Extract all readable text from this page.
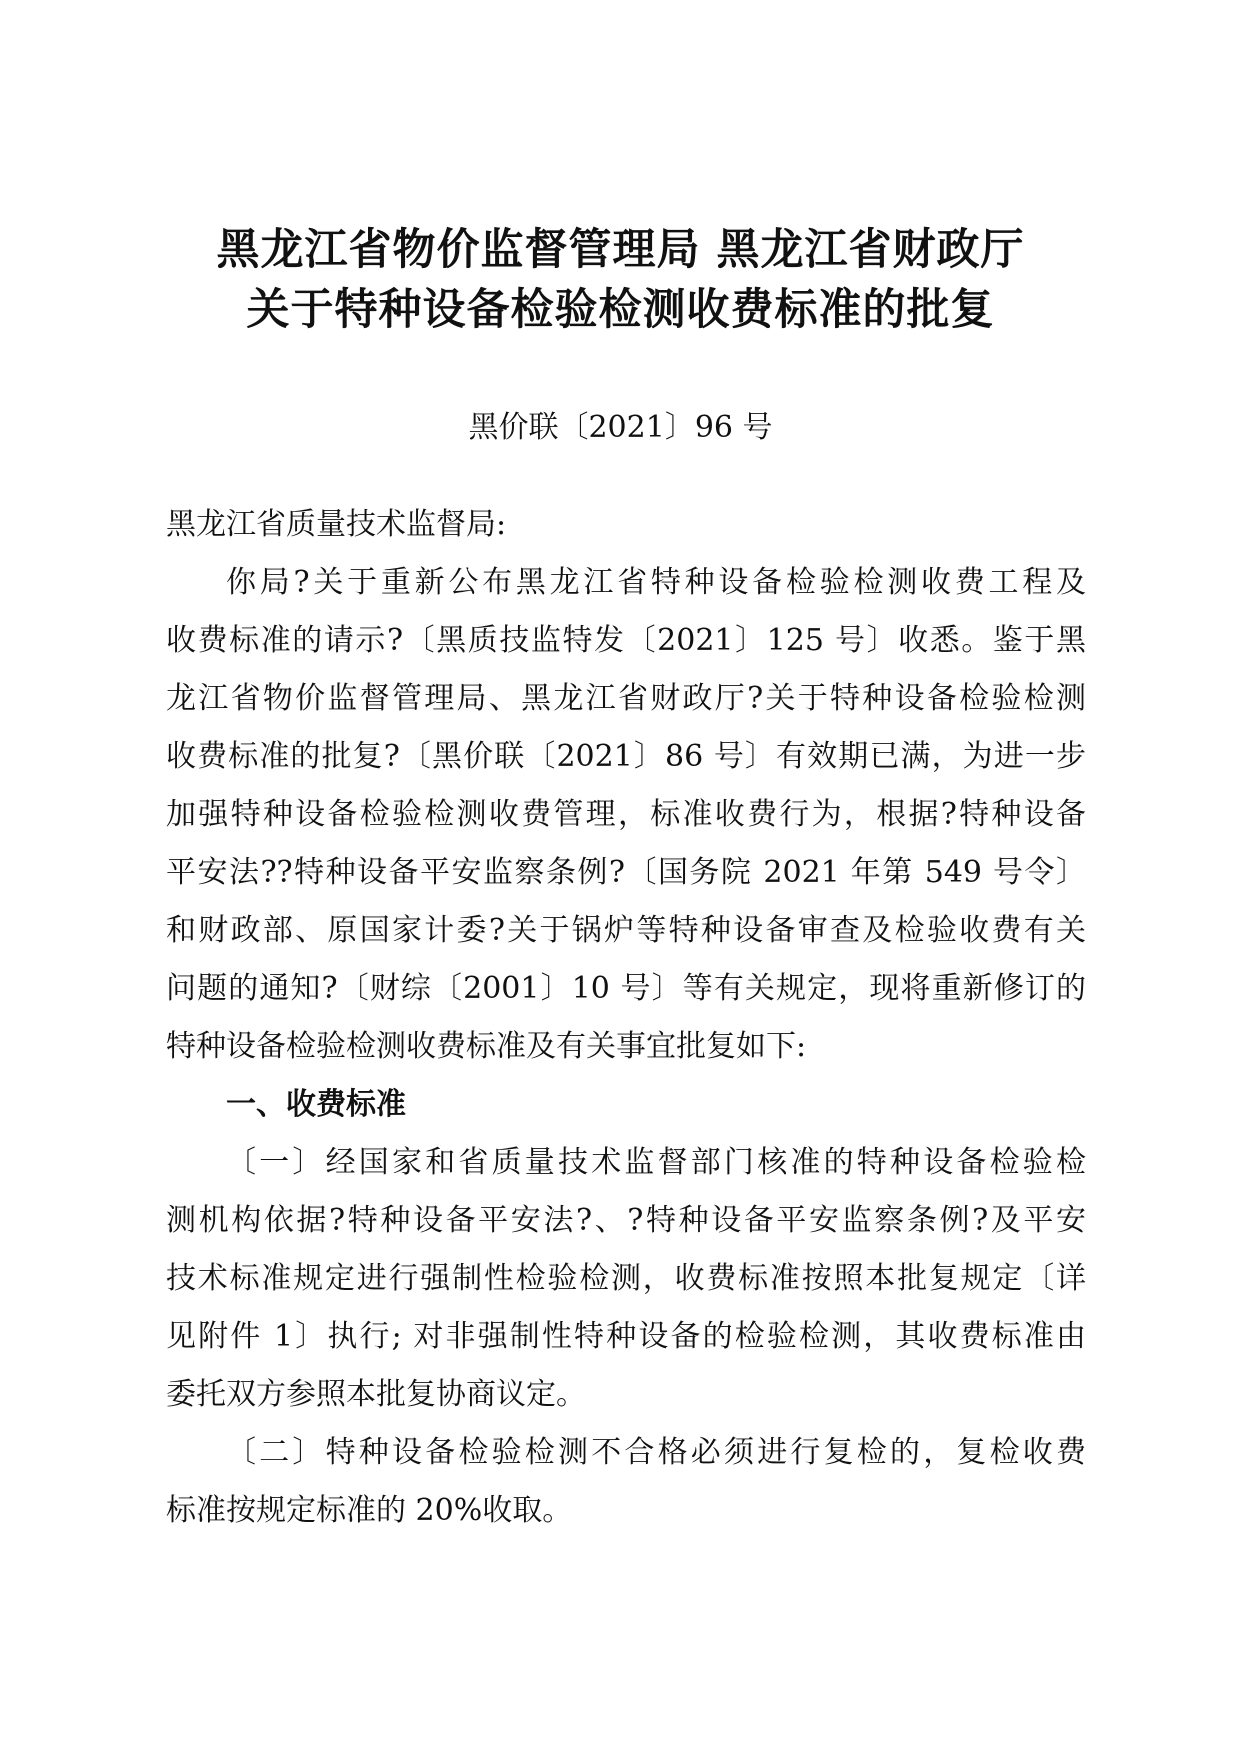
黑龙江省物价监督管理局 黑龙江省财政厅
关于特种设备检验检测收费标准的批复
黑价联〔2021〕96 号
黑龙江省质量技术监督局:
你局?关于重新公布黑龙江省特种设备检验检测收费工程及
收费标准的请示?〔黑质技监特发〔2021〕125 号〕收悉。鉴于黑
龙江省物价监督管理局、黑龙江省财政厅?关于特种设备检验检测
收费标准的批复?〔黑价联〔2021〕86 号〕有效期已满，为进一步
加强特种设备检验检测收费管理，标准收费行为，根据?特种设备
平安法??特种设备平安监察条例?〔国务院 2021 年第 549 号令〕
和财政部、原国家计委?关于锅炉等特种设备审查及检验收费有关
问题的通知?〔财综〔2001〕10 号〕等有关规定，现将重新修订的
特种设备检验检测收费标准及有关事宜批复如下:
一、收费标准
〔一〕经国家和省质量技术监督部门核准的特种设备检验检
测机构依据?特种设备平安法?、?特种设备平安监察条例?及平安
技术标准规定进行强制性检验检测，收费标准按照本批复规定〔详
见附件 1〕执行; 对非强制性特种设备的检验检测，其收费标准由
委托双方参照本批复协商议定。
〔二〕特种设备检验检测不合格必须进行复检的，复检收费
标准按规定标准的 20%收取。
